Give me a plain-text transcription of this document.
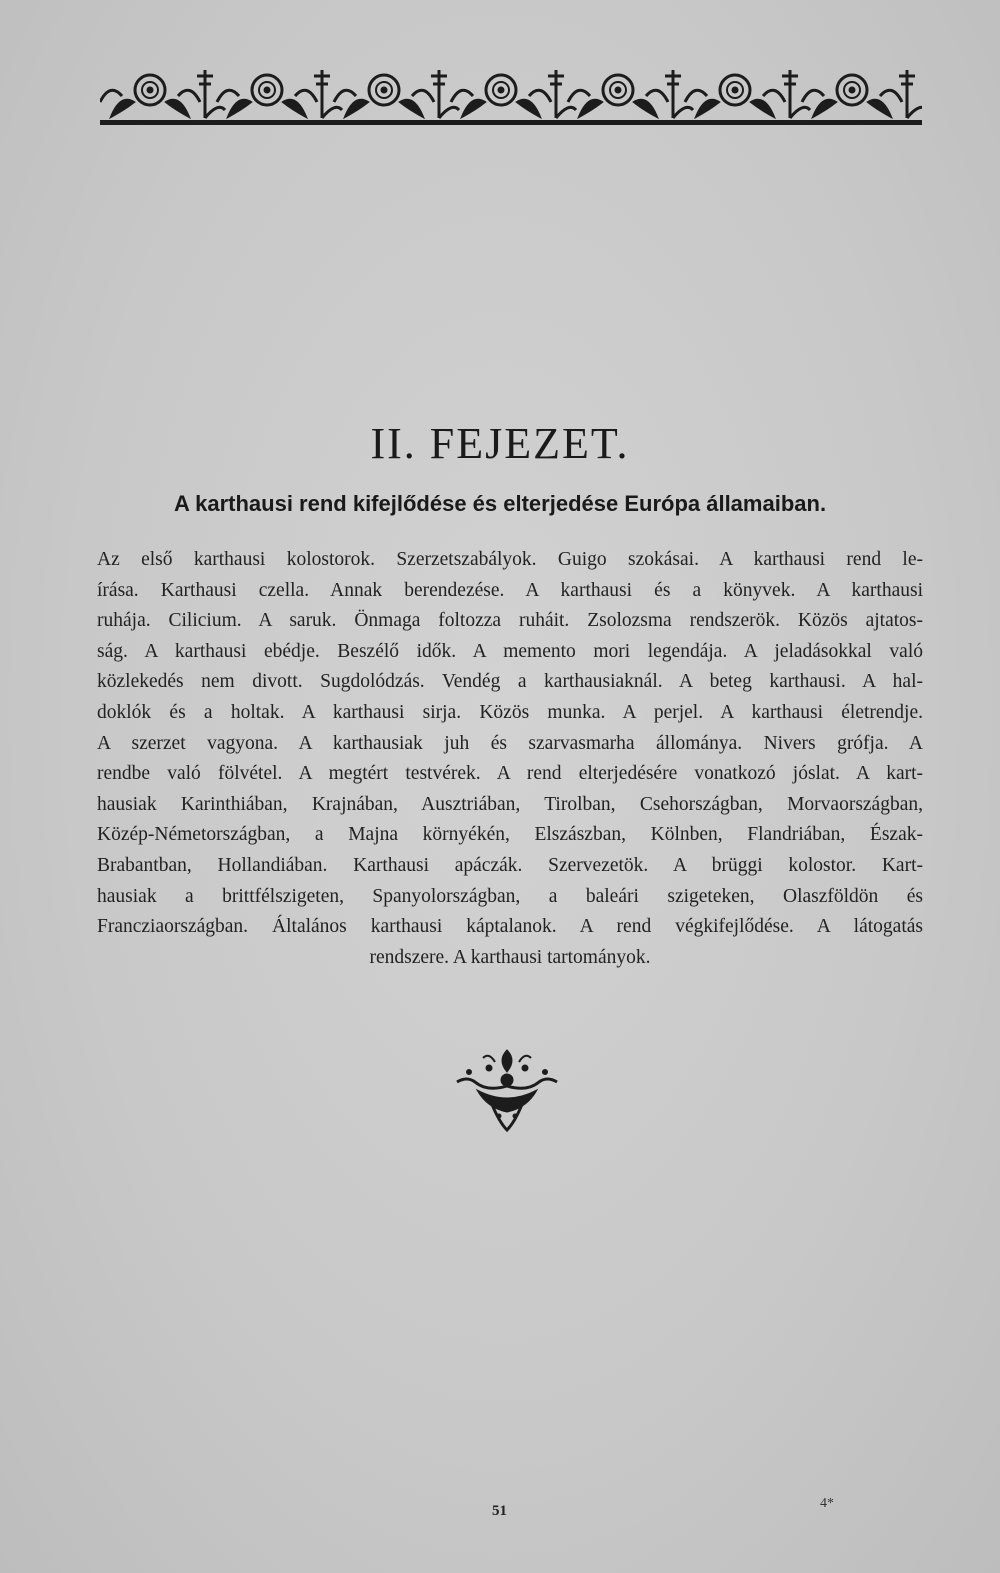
II. FEJEZET.
A karthausi rend kifejlődése és elterjedése Európa államaiban.
Az első karthausi kolostorok. Szerzetszabályok. Guigo szokásai. A karthausi rend le-
írása. Karthausi czella. Annak berendezése. A karthausi és a könyvek. A karthausi
ruhája. Cilicium. A saruk. Önmaga foltozza ruháit. Zsolozsma rendszerök. Közös ajtatos-
ság. A karthausi ebédje. Beszélő idők. A memento mori legendája. A jeladásokkal való
közlekedés nem divott. Sugdolódzás. Vendég a karthausiaknál. A beteg karthausi. A hal-
doklók és a holtak. A karthausi sirja. Közös munka. A perjel. A karthausi életrendje.
A szerzet vagyona. A karthausiak juh és szarvasmarha állománya. Nivers grófja. A
rendbe való fölvétel. A megtért testvérek. A rend elterjedésére vonatkozó jóslat. A kart-
hausiak Karinthiában, Krajnában, Ausztriában, Tirolban, Csehországban, Morvaországban,
Közép-Németországban, a Majna környékén, Elszászban, Kölnben, Flandriában, Észak-
Brabantban, Hollandiában. Karthausi apáczák. Szervezetök. A brüggi kolostor. Kart-
hausiak a brittfélszigeten, Spanyolországban, a baleári szigeteken, Olaszföldön és
Francziaországban. Általános karthausi káptalanok. A rend végkifejlődése. A látogatás
rendszere. A karthausi tartományok.
51	4*
